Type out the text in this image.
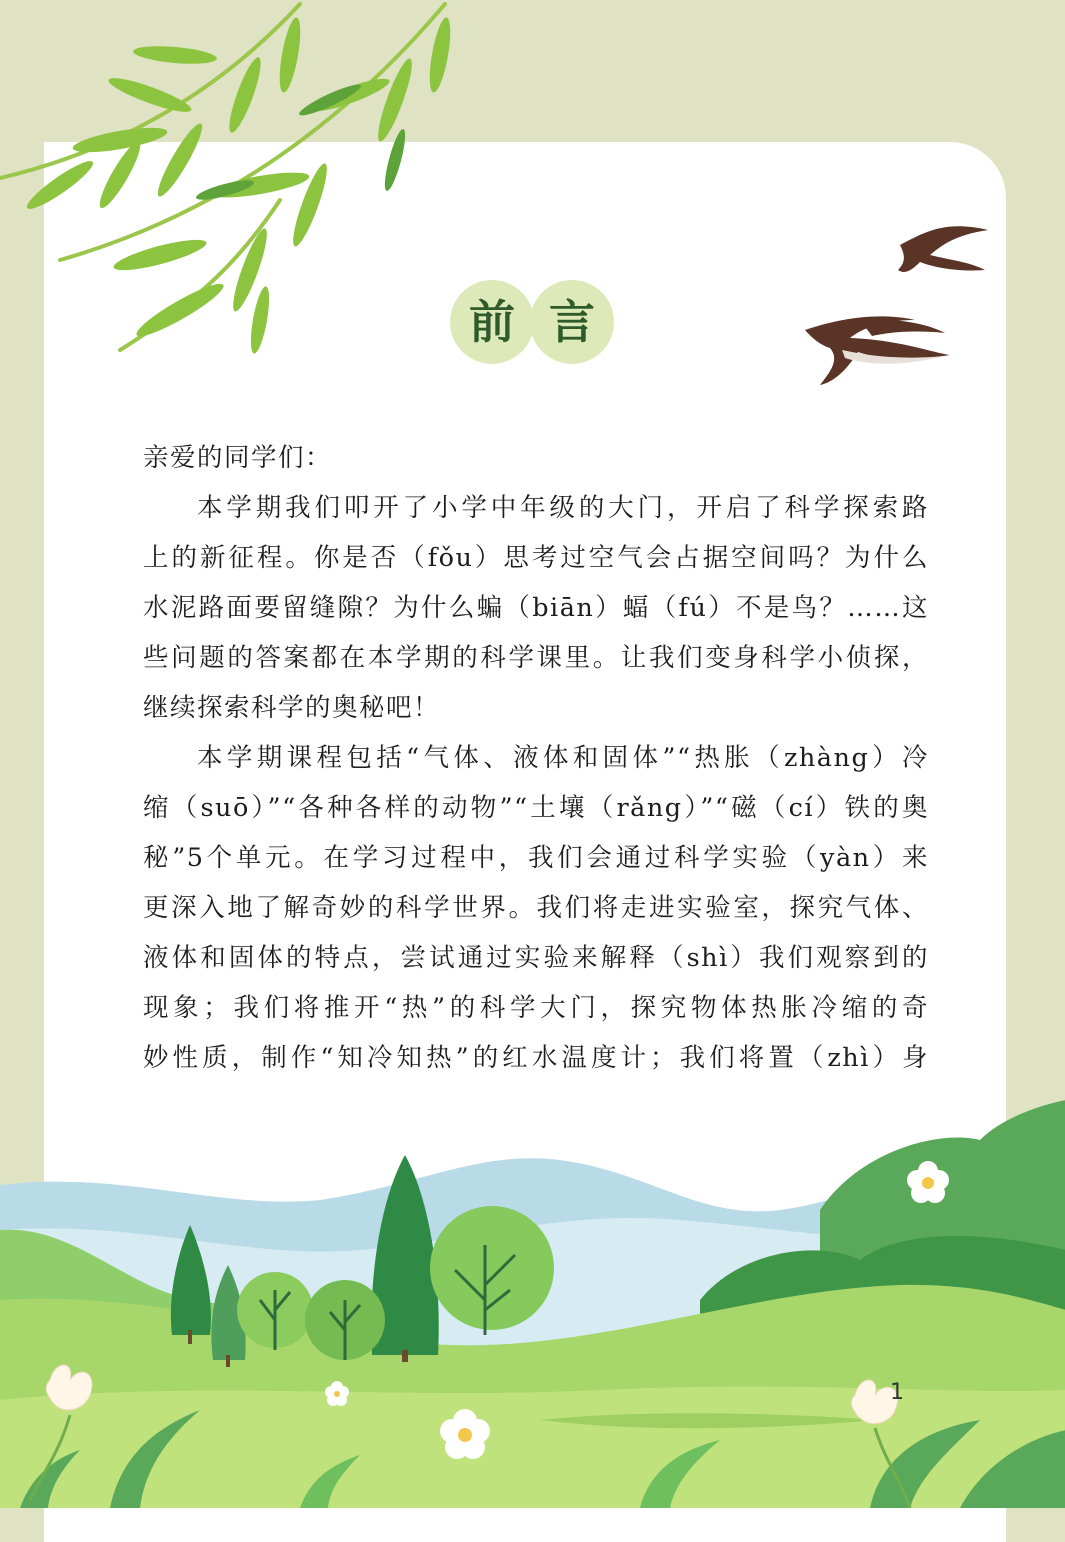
前 言
亲爱的同学们：
本学期我们叩开了小学中年级的大门，开启了科学探索路
上的新征程。你是否（fǒu）思考过空气会占据空间吗？为什么
水泥路面要留缝隙？为什么蝙（biān）蝠（fú）不是鸟？……这
些问题的答案都在本学期的科学课里。让我们变身科学小侦探，
继续探索科学的奥秘吧！
本学期课程包括“气体、液体和固体”“热胀（zhàng）冷
缩（suō）”“各种各样的动物”“土壤（rǎng）”“磁（cí）铁的奥
秘”5个单元。在学习过程中，我们会通过科学实验（yàn）来
更深入地了解奇妙的科学世界。我们将走进实验室，探究气体、
液体和固体的特点，尝试通过实验来解释（shì）我们观察到的
现象；我们将推开“热”的科学大门，探究物体热胀冷缩的奇
妙性质，制作“知冷知热”的红水温度计；我们将置（zhì）身
1
